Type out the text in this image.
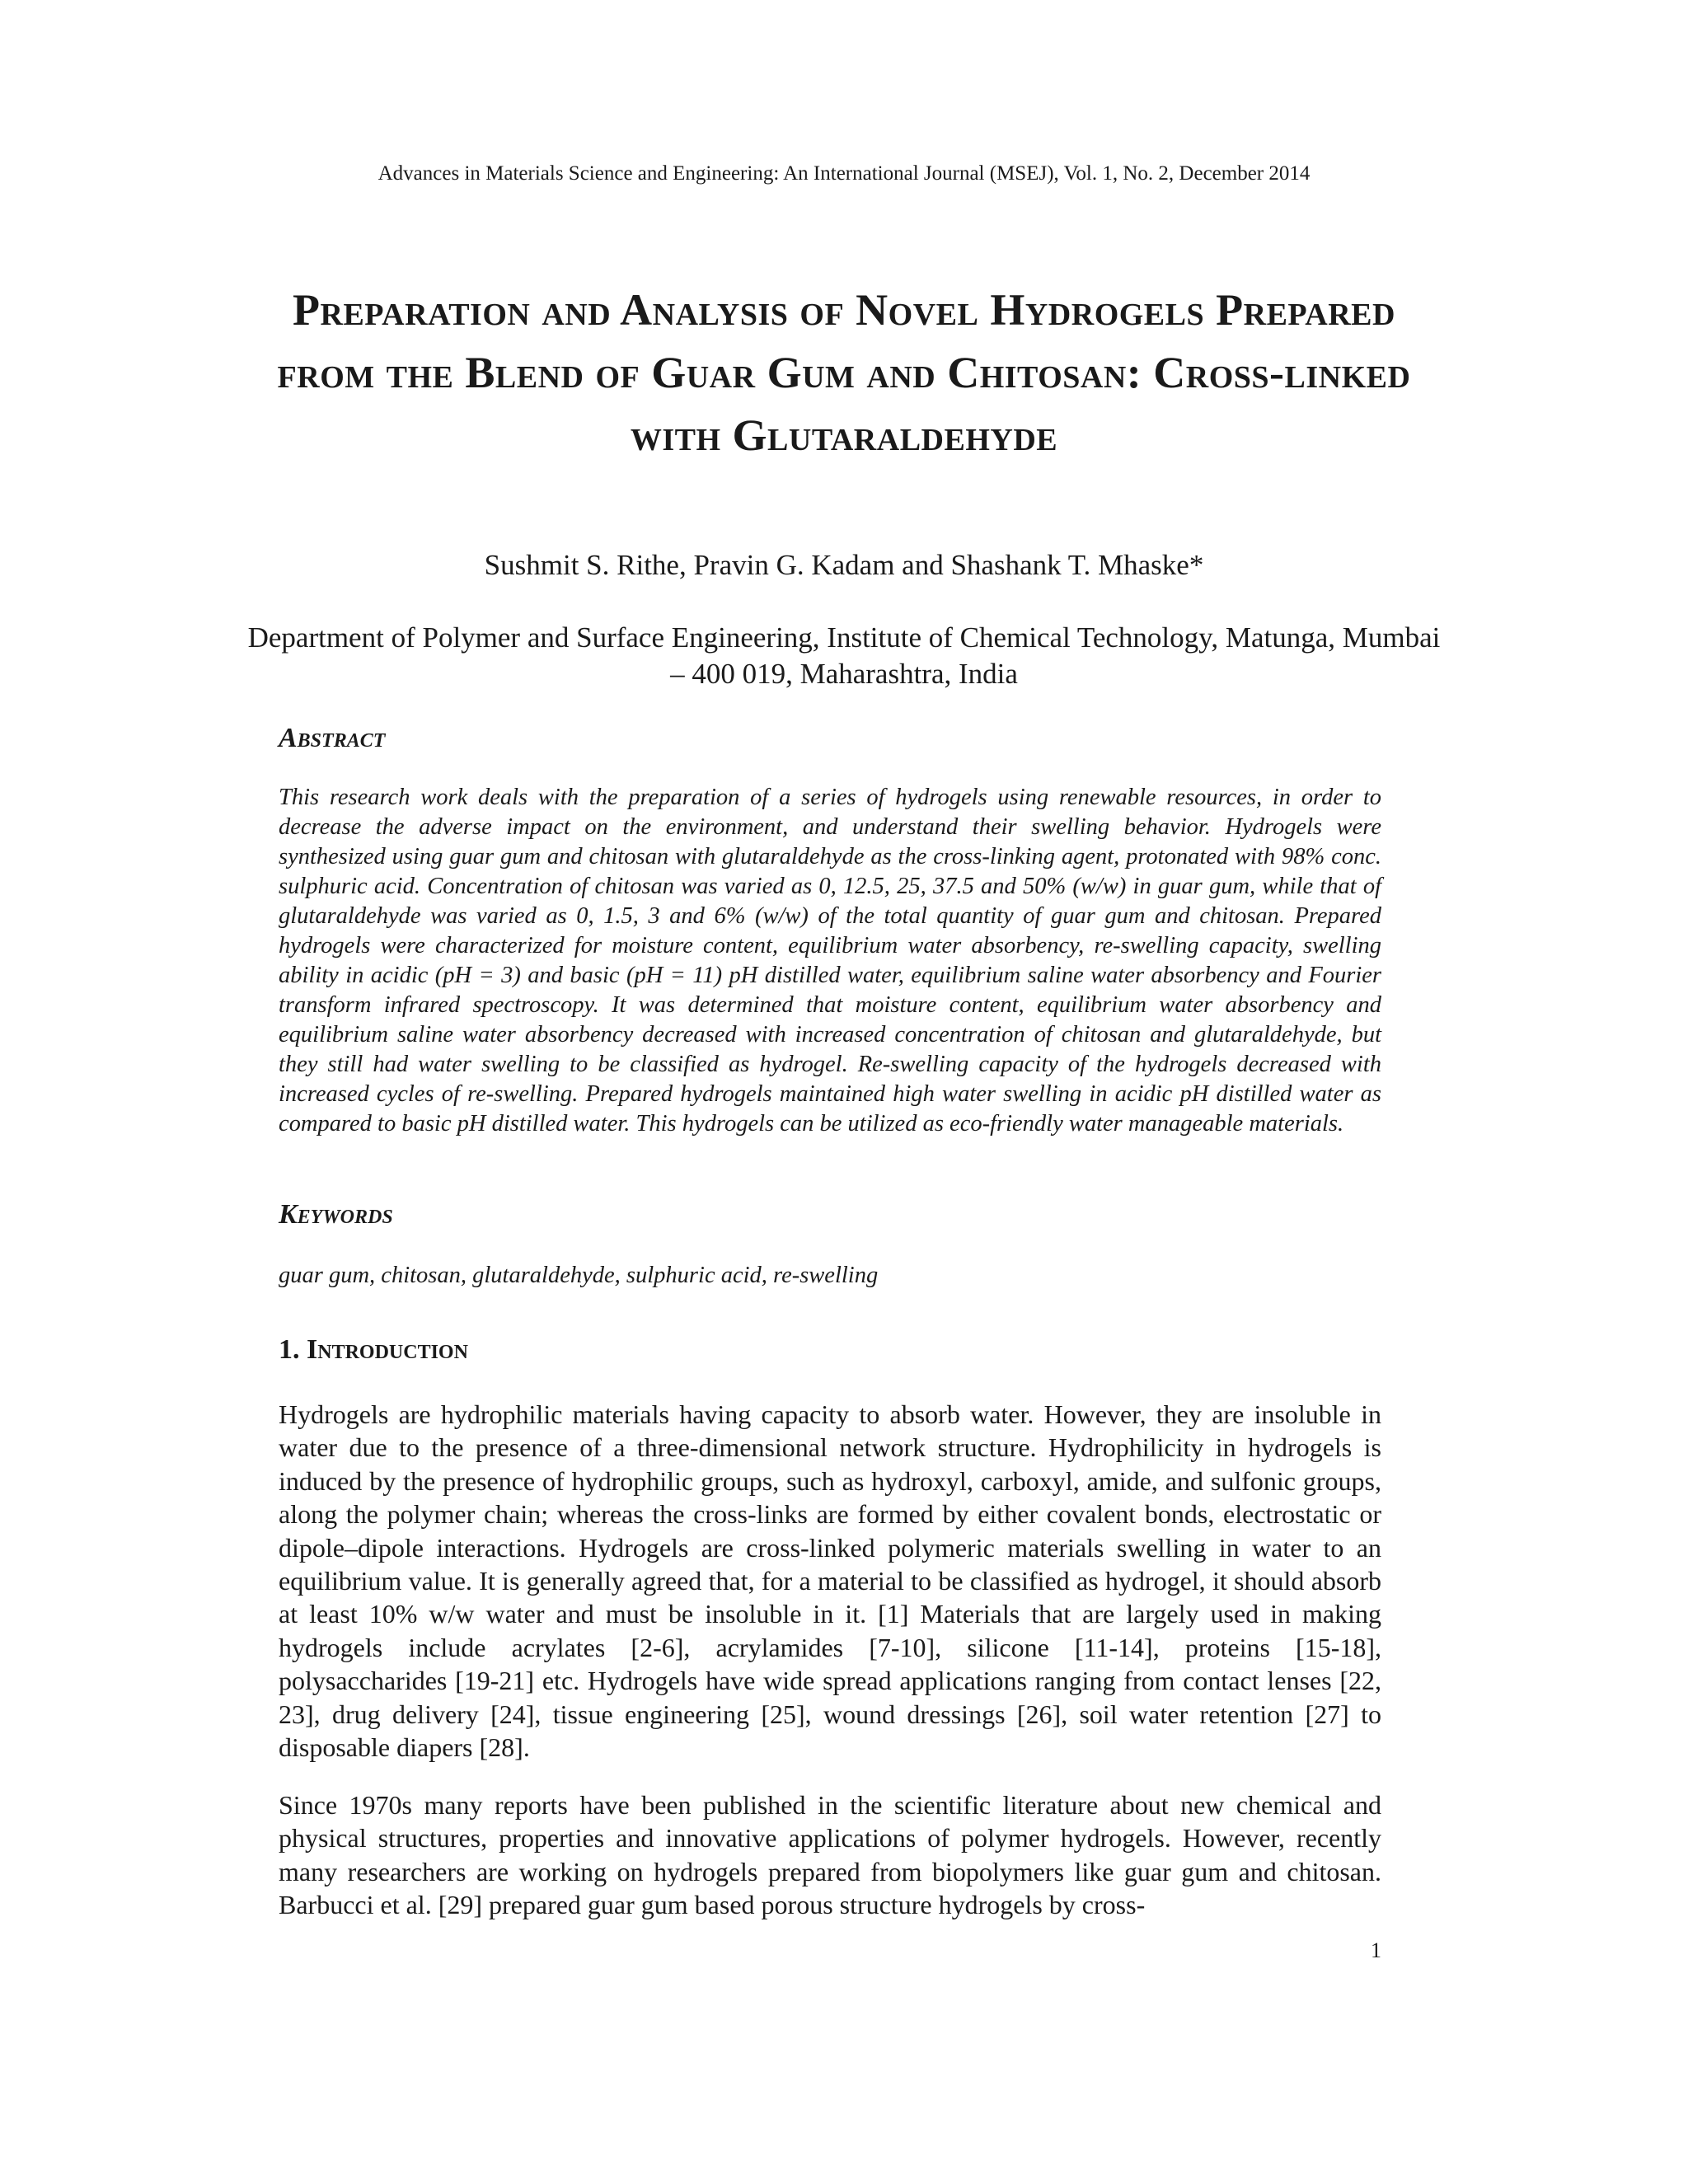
Advances in Materials Science and Engineering: An International Journal (MSEJ), Vol. 1, No. 2, December 2014
Preparation and Analysis of Novel Hydrogels Prepared from the Blend of Guar Gum and Chitosan: Cross-linked with Glutaraldehyde
Sushmit S. Rithe, Pravin G. Kadam and Shashank T. Mhaske*
Department of Polymer and Surface Engineering, Institute of Chemical Technology, Matunga, Mumbai – 400 019, Maharashtra, India
Abstract
This research work deals with the preparation of a series of hydrogels using renewable resources, in order to decrease the adverse impact on the environment, and understand their swelling behavior. Hydrogels were synthesized using guar gum and chitosan with glutaraldehyde as the cross-linking agent, protonated with 98% conc. sulphuric acid. Concentration of chitosan was varied as 0, 12.5, 25, 37.5 and 50% (w/w) in guar gum, while that of glutaraldehyde was varied as 0, 1.5, 3 and 6% (w/w) of the total quantity of guar gum and chitosan. Prepared hydrogels were characterized for moisture content, equilibrium water absorbency, re-swelling capacity, swelling ability in acidic (pH = 3) and basic (pH = 11) pH distilled water, equilibrium saline water absorbency and Fourier transform infrared spectroscopy. It was determined that moisture content, equilibrium water absorbency and equilibrium saline water absorbency decreased with increased concentration of chitosan and glutaraldehyde, but they still had water swelling to be classified as hydrogel. Re-swelling capacity of the hydrogels decreased with increased cycles of re-swelling. Prepared hydrogels maintained high water swelling in acidic pH distilled water as compared to basic pH distilled water. This hydrogels can be utilized as eco-friendly water manageable materials.
Keywords
guar gum, chitosan, glutaraldehyde, sulphuric acid, re-swelling
1. Introduction
Hydrogels are hydrophilic materials having capacity to absorb water. However, they are insoluble in water due to the presence of a three-dimensional network structure. Hydrophilicity in hydrogels is induced by the presence of hydrophilic groups, such as hydroxyl, carboxyl, amide, and sulfonic groups, along the polymer chain; whereas the cross-links are formed by either covalent bonds, electrostatic or dipole–dipole interactions. Hydrogels are cross-linked polymeric materials swelling in water to an equilibrium value. It is generally agreed that, for a material to be classified as hydrogel, it should absorb at least 10% w/w water and must be insoluble in it. [1] Materials that are largely used in making hydrogels include acrylates [2-6], acrylamides [7-10], silicone [11-14], proteins [15-18], polysaccharides [19-21] etc. Hydrogels have wide spread applications ranging from contact lenses [22, 23], drug delivery [24], tissue engineering [25], wound dressings [26], soil water retention [27] to disposable diapers [28].
Since 1970s many reports have been published in the scientific literature about new chemical and physical structures, properties and innovative applications of polymer hydrogels. However, recently many researchers are working on hydrogels prepared from biopolymers like guar gum and chitosan. Barbucci et al. [29] prepared guar gum based porous structure hydrogels by cross-
1
